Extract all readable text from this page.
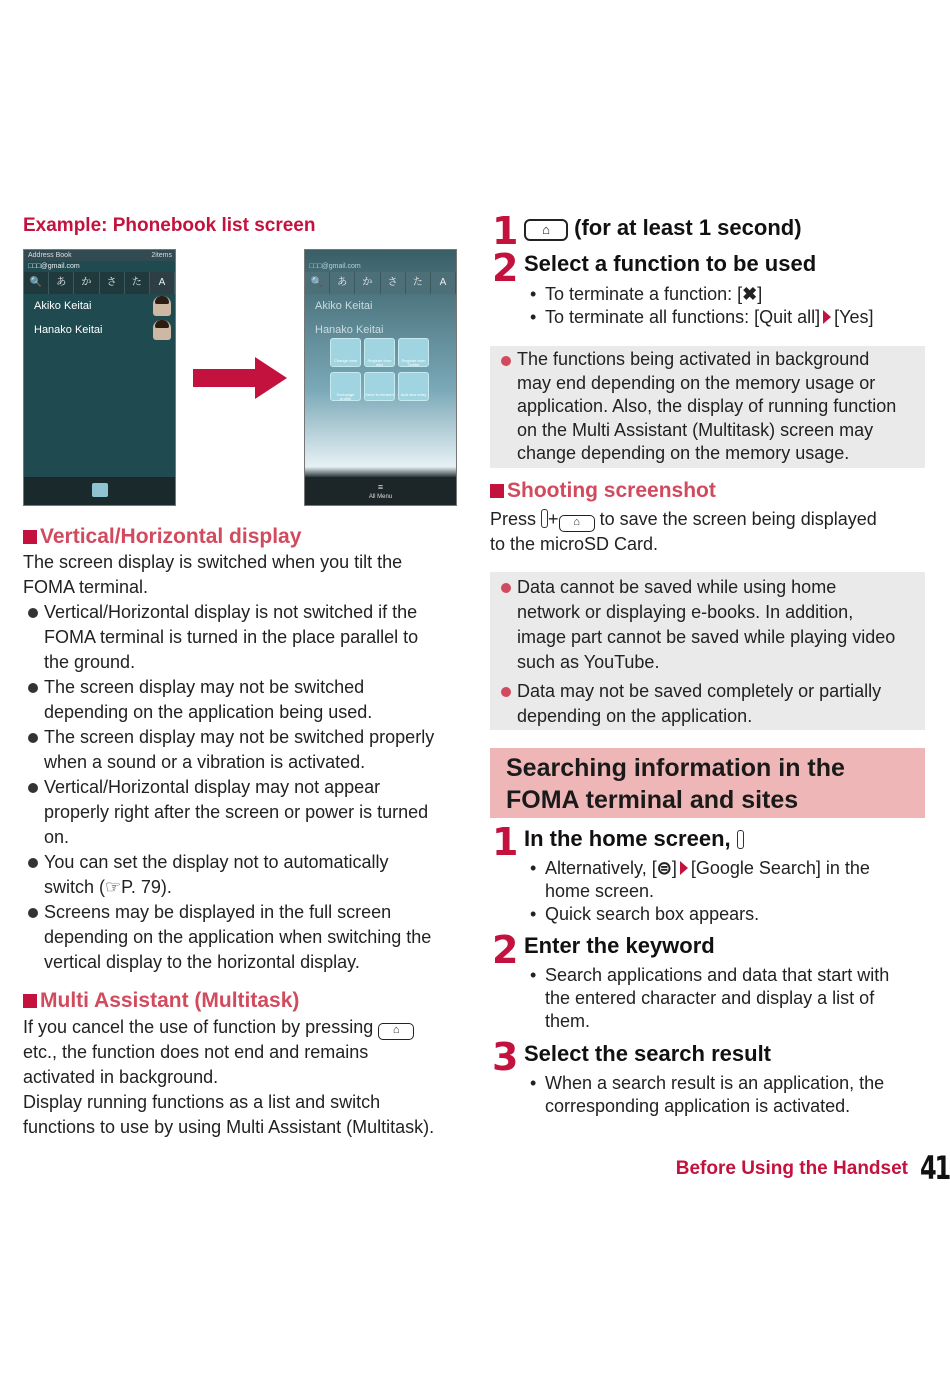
Example: Phonebook list screen
Address Book	2items
□□□@gmail.com
🔍	あ	か	さ	た	A
Akiko Keitai
Hanako Keitai
□□□@gmail.com
🔍	あ	か	さ	た	A
Akiko Keitai
Hanako Keitai
Change view	Register from mixi
Register from Twitter
Exchange profile
Send to infrared	Add new entry
≡
All Menu
Vertical/Horizontal display
The screen display is switched when you tilt the
FOMA terminal.
Vertical/Horizontal display is not switched if the
FOMA terminal is turned in the place parallel to
the ground.
The screen display may not be switched
depending on the application being used.
The screen display may not be switched properly
when a sound or a vibration is activated.
Vertical/Horizontal display may not appear
properly right after the screen or power is turned
on.
You can set the display not to automatically
switch (☞P. 79).
Screens may be displayed in the full screen
depending on the application when switching the
vertical display to the horizontal display.
Multi Assistant (Multitask)
If you cancel the use of function by pressing ⌂
etc., the function does not end and remains
activated in background.
Display running functions as a list and switch
functions to use by using Multi Assistant (Multitask).
1	⌂ (for at least 1 second)
2 Select a function to be used
• To terminate a function: [✖]
• To terminate all functions: [Quit all] [Yes]
The functions being activated in background
may end depending on the memory usage or
application. Also, the display of running function
on the Multi Assistant (Multitask) screen may
change depending on the memory usage.
Shooting screenshot
Press + ⌂ to save the screen being displayed
to the microSD Card.
Data cannot be saved while using home
network or displaying e-books. In addition,
image part cannot be saved while playing video
such as YouTube.
Data may not be saved completely or partially
depending on the application.
Searching information in the
FOMA terminal and sites
1 In the home screen,
• Alternatively, [⊜] [Google Search] in the
home screen.
• Quick search box appears.
2 Enter the keyword
• Search applications and data that start with
the entered character and display a list of
them.
3 Select the search result
• When a search result is an application, the
corresponding application is activated.
Before Using the Handset 41
